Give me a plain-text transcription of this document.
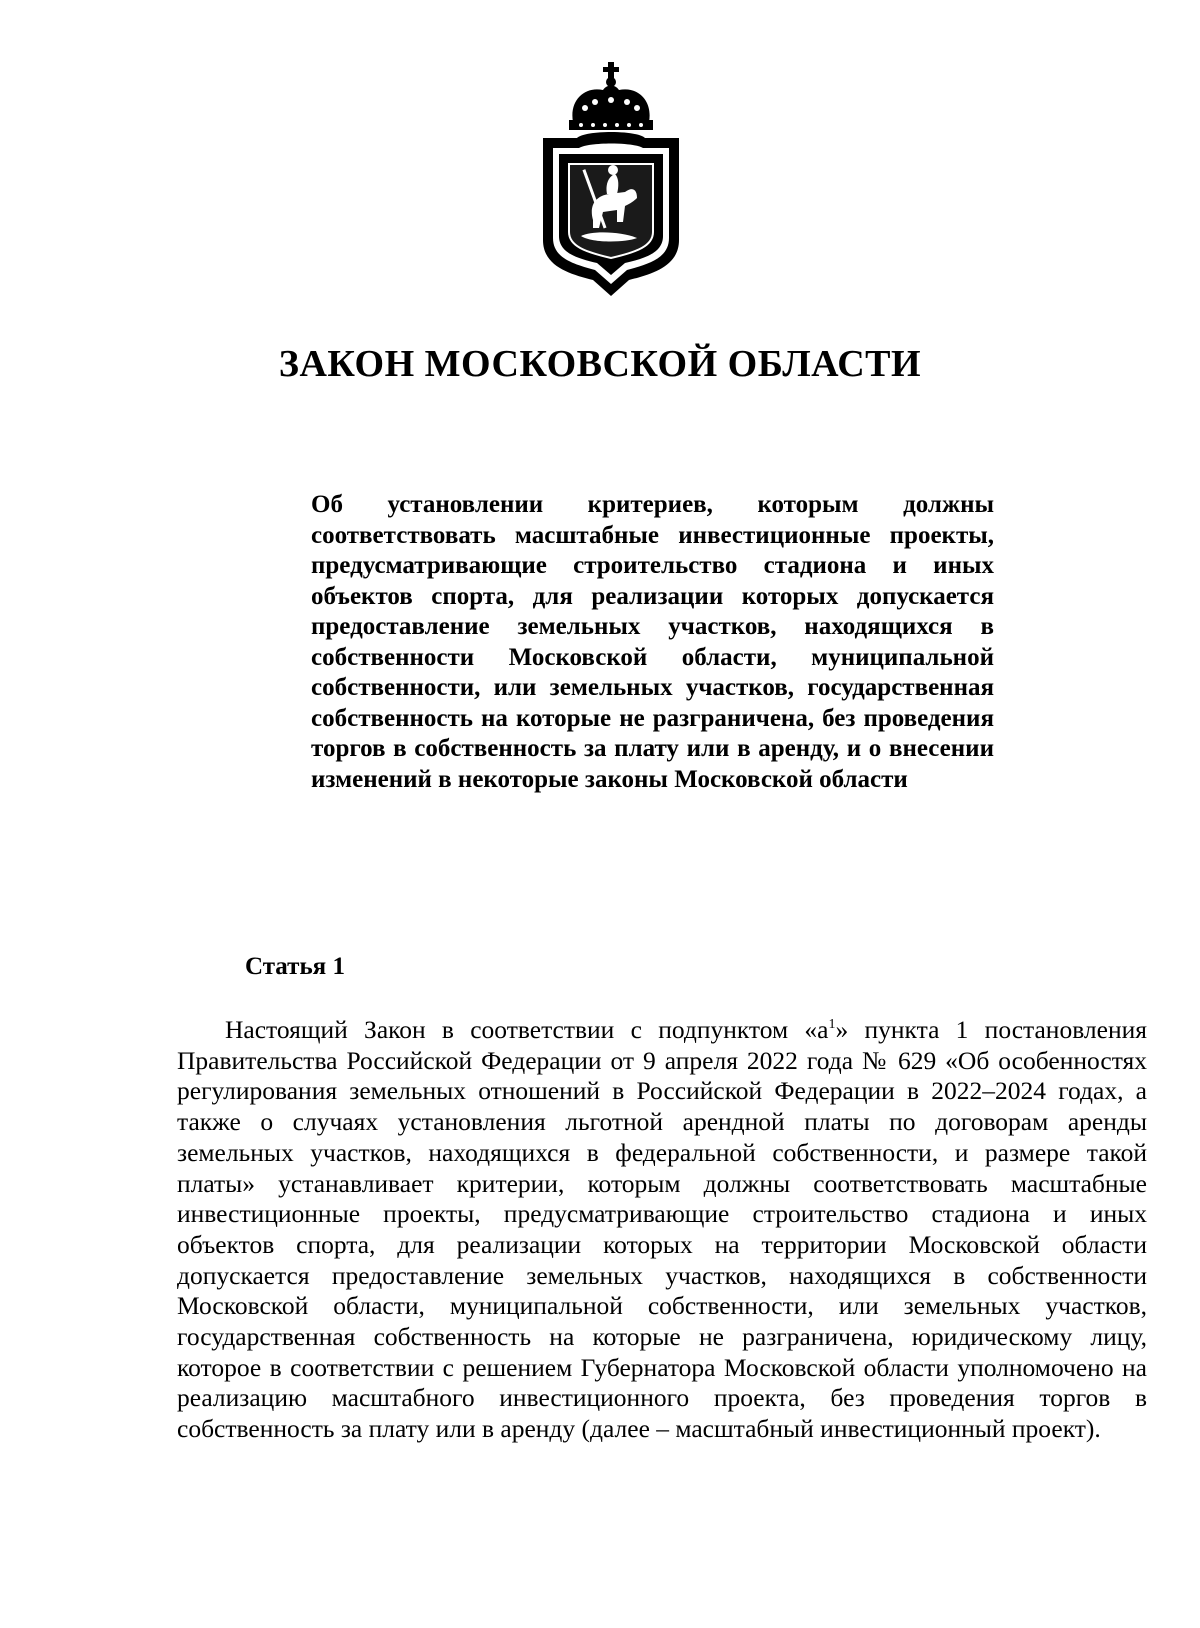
ЗАКОН МОСКОВСКОЙ ОБЛАСТИ
Об установлении критериев, которым должны соответствовать масштабные инвестиционные проекты, предусматривающие строительство стадиона и иных объектов спорта, для реализации которых допускается предоставление земельных участков, находящихся в собственности Московской области, муниципальной собственности, или земельных участков, государственная собственность на которые не разграничена, без проведения торгов в собственность за плату или в аренду, и о внесении изменений в некоторые законы Московской области
Статья 1
Настоящий Закон в соответствии с подпунктом «$а^1$» пункта 1 постановления Правительства Российской Федерации от 9 апреля 2022 года № 629 «Об особенностях регулирования земельных отношений в Российской Федерации в 2022–2024 годах, а также о случаях установления льготной арендной платы по договорам аренды земельных участков, находящихся в федеральной собственности, и размере такой платы» устанавливает критерии, которым должны соответствовать масштабные инвестиционные проекты, предусматривающие строительство стадиона и иных объектов спорта, для реализации которых на территории Московской области допускается предоставление земельных участков, находящихся в собственности Московской области, муниципальной собственности, или земельных участков, государственная собственность на которые не разграничена, юридическому лицу, которое в соответствии с решением Губернатора Московской области уполномочено на реализацию масштабного инвестиционного проекта, без проведения торгов в собственность за плату или в аренду (далее – масштабный инвестиционный проект).
